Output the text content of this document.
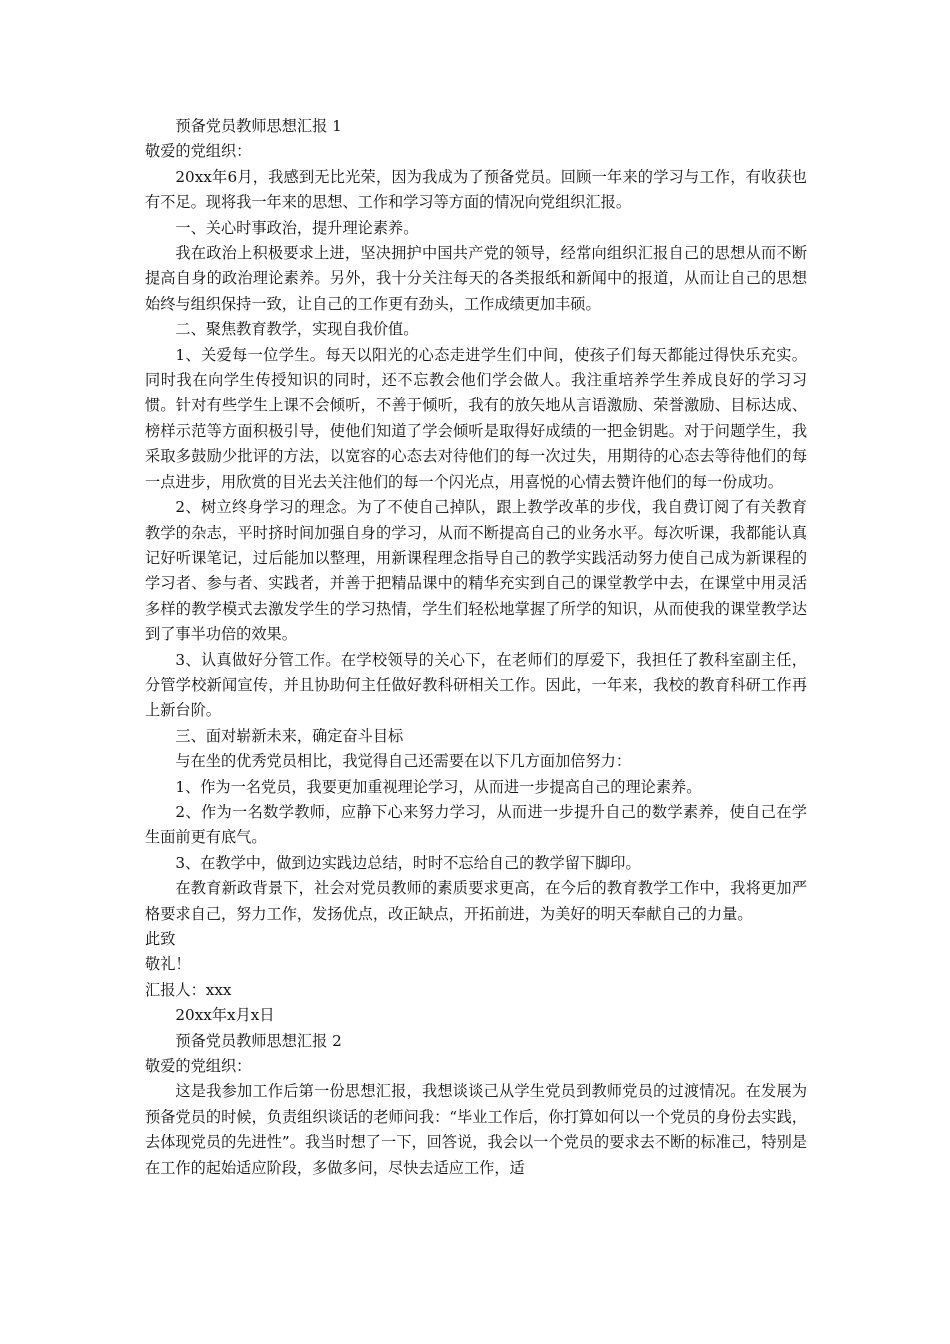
预备党员教师思想汇报 1

敬爱的党组织：

20xx年6月，我感到无比光荣，因为我成为了预备党员。回顾一年来的学习与工作，有收获也有不足。现将我一年来的思想、工作和学习等方面的情况向党组织汇报。

一、关心时事政治，提升理论素养。

我在政治上积极要求上进，坚决拥护中国共产党的领导，经常向组织汇报自己的思想从而不断提高自身的政治理论素养。另外，我十分关注每天的各类报纸和新闻中的报道，从而让自己的思想始终与组织保持一致，让自己的工作更有劲头，工作成绩更加丰硕。

二、聚焦教育教学，实现自我价值。

1、关爱每一位学生。每天以阳光的心态走进学生们中间，使孩子们每天都能过得快乐充实。同时我在向学生传授知识的同时，还不忘教会他们学会做人。我注重培养学生养成良好的学习习惯。针对有些学生上课不会倾听，不善于倾听，我有的放矢地从言语激励、荣誉激励、目标达成、榜样示范等方面积极引导，使他们知道了学会倾听是取得好成绩的一把金钥匙。对于问题学生，我采取多鼓励少批评的方法，以宽容的心态去对待他们的每一次过失，用期待的心态去等待他们的每一点进步，用欣赏的目光去关注他们的每一个闪光点，用喜悦的心情去赞许他们的每一份成功。

2、树立终身学习的理念。为了不使自己掉队，跟上教学改革的步伐，我自费订阅了有关教育教学的杂志，平时挤时间加强自身的学习，从而不断提高自己的业务水平。每次听课，我都能认真记好听课笔记，过后能加以整理，用新课程理念指导自己的教学实践活动努力使自己成为新课程的学习者、参与者、实践者，并善于把精品课中的精华充实到自己的课堂教学中去，在课堂中用灵活多样的教学模式去激发学生的学习热情，学生们轻松地掌握了所学的知识，从而使我的课堂教学达到了事半功倍的效果。

3、认真做好分管工作。在学校领导的关心下，在老师们的厚爱下，我担任了教科室副主任，分管学校新闻宣传，并且协助何主任做好教科研相关工作。因此，一年来，我校的教育科研工作再上新台阶。

三、面对崭新未来，确定奋斗目标

与在坐的优秀党员相比，我觉得自己还需要在以下几方面加倍努力：

1、作为一名党员，我要更加重视理论学习，从而进一步提高自己的理论素养。

2、作为一名数学教师，应静下心来努力学习，从而进一步提升自己的数学素养，使自己在学生面前更有底气。

3、在教学中，做到边实践边总结，时时不忘给自己的教学留下脚印。

在教育新政背景下，社会对党员教师的素质要求更高，在今后的教育教学工作中，我将更加严格要求自己，努力工作，发扬优点，改正缺点，开拓前进，为美好的明天奉献自己的力量。

此致

敬礼！

汇报人：xxx

20xx年x月x日

预备党员教师思想汇报 2

敬爱的党组织：

这是我参加工作后第一份思想汇报，我想谈谈己从学生党员到教师党员的过渡情况。在发展为预备党员的时候，负责组织谈话的老师问我：“毕业工作后，你打算如何以一个党员的身份去实践，去体现党员的先进性”。我当时想了一下，回答说，我会以一个党员的要求去不断的标准己，特别是在工作的起始适应阶段，多做多问，尽快去适应工作，适
